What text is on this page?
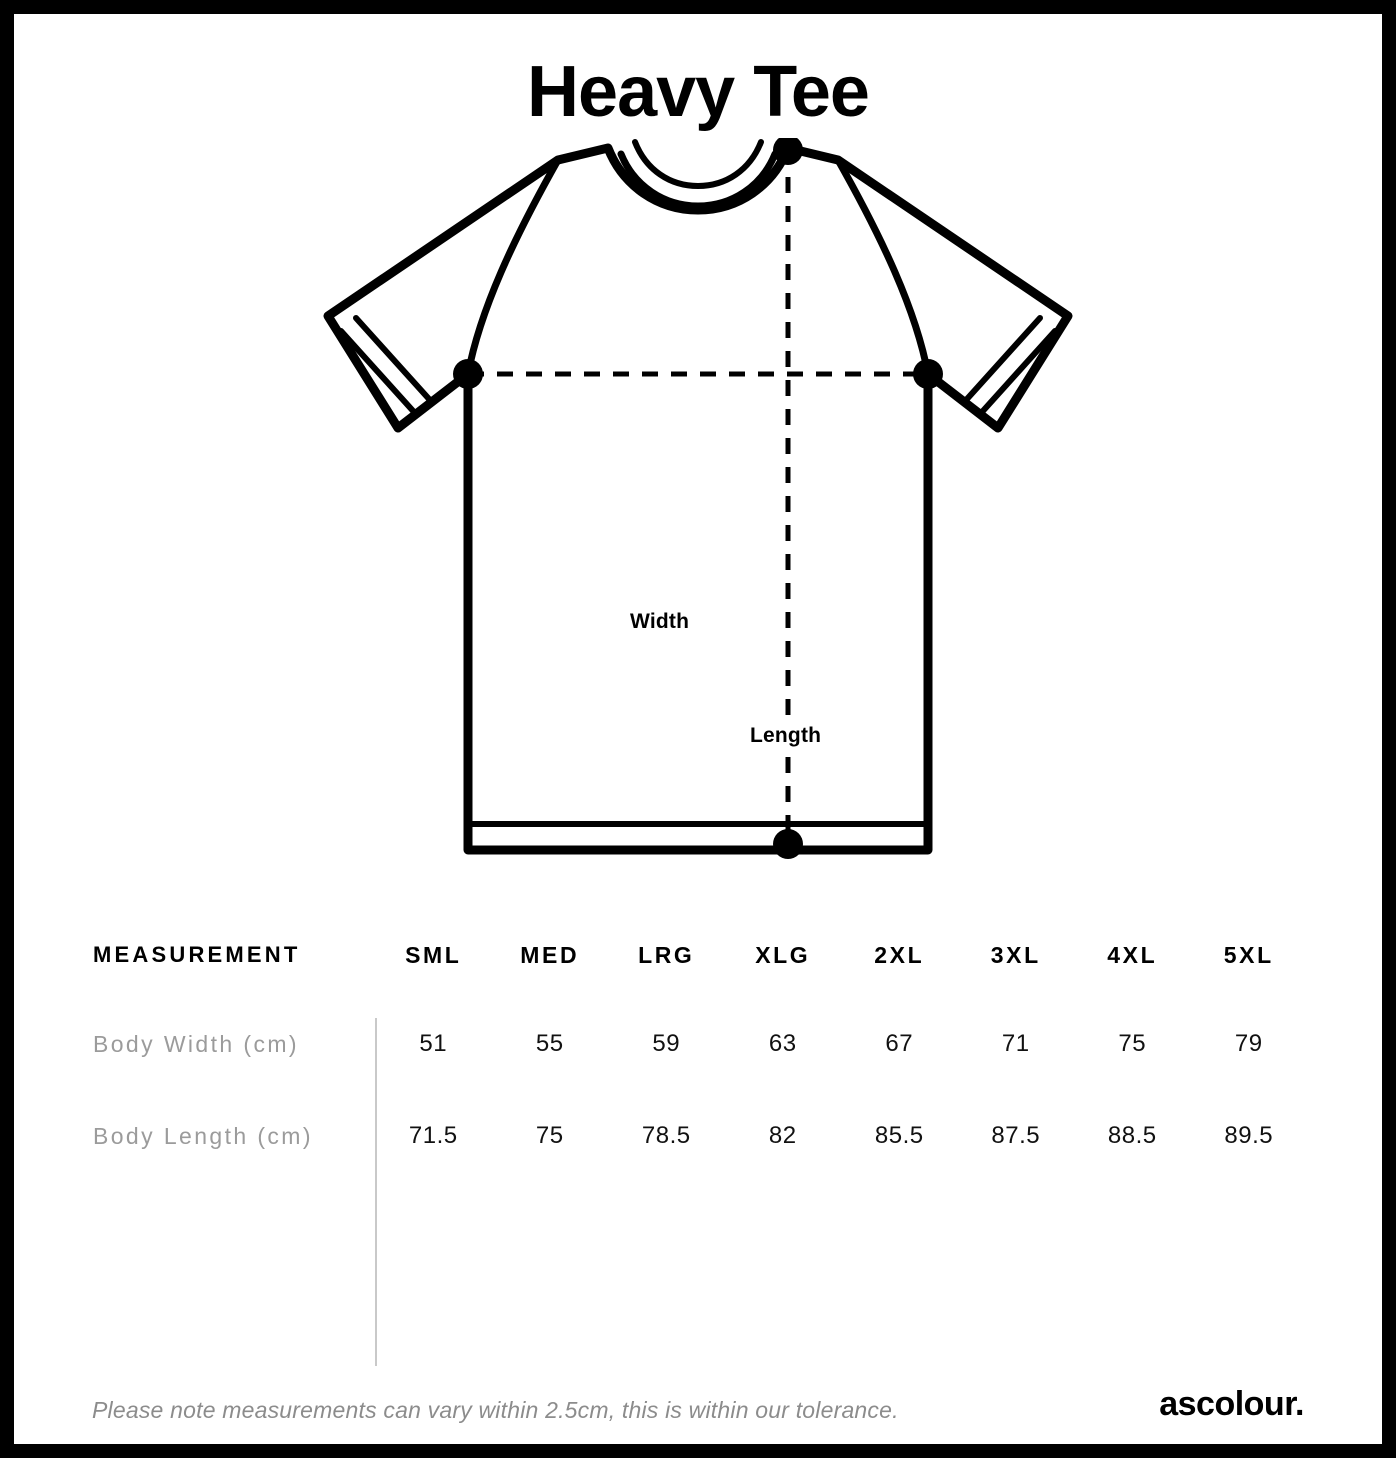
Heavy Tee
Width
Length
MEASUREMENT	SML	MED	LRG	XLG	2XL	3XL	4XL	5XL
Body Width (cm)	51	55	59	63	67	71	75	79
Body Length (cm)	71.5	75	78.5	82	85.5	87.5	88.5	89.5
Please note measurements can vary within 2.5cm, this is within our tolerance.	ascolour.
